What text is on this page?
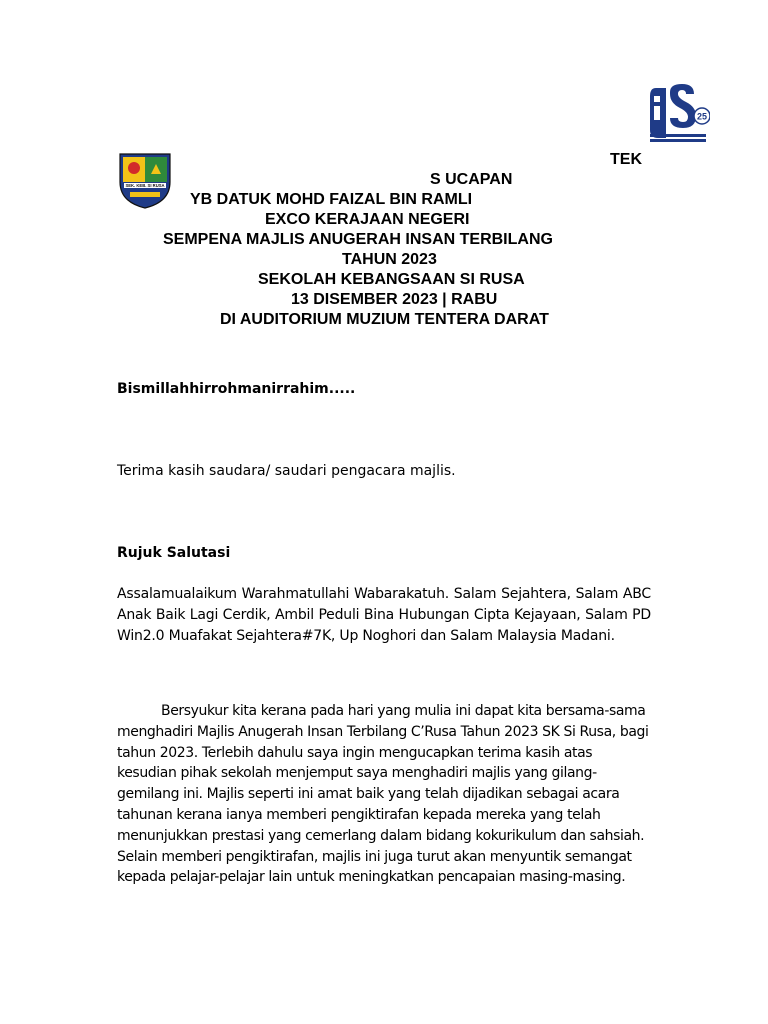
SEK. KEB. SI RUSA
25

TEK

S UCAPAN

YB DATUK MOHD FAIZAL BIN RAMLI

EXCO KERAJAAN NEGERI

SEMPENA MAJLIS ANUGERAH INSAN TERBILANG

TAHUN 2023

SEKOLAH KEBANGSAAN SI RUSA

13 DISEMBER 2023 | RABU

DI AUDITORIUM MUZIUM TENTERA DARAT

Bismillahhirrohmanirrahim.....

Terima kasih saudara/ saudari pengacara majlis.

Rujuk Salutasi

Assalamualaikum Warahmatullahi Wabarakatuh. Salam Sejahtera, Salam ABC Anak Baik Lagi Cerdik, Ambil Peduli Bina Hubungan Cipta Kejayaan, Salam PD Win2.0 Muafakat Sejahtera#7K, Up Noghori dan Salam Malaysia Madani.

Bersyukur kita kerana pada hari yang mulia ini dapat kita bersama-sama menghadiri Majlis Anugerah Insan Terbilang C’Rusa Tahun 2023 SK Si Rusa, bagi tahun 2023. Terlebih dahulu saya ingin mengucapkan terima kasih atas kesudian pihak sekolah menjemput saya menghadiri majlis yang gilang-gemilang ini. Majlis seperti ini amat baik yang telah dijadikan sebagai acara tahunan kerana ianya memberi pengiktirafan kepada mereka yang telah menunjukkan prestasi yang cemerlang dalam bidang kokurikulum dan sahsiah. Selain memberi pengiktirafan, majlis ini juga turut akan menyuntik semangat kepada pelajar-pelajar lain untuk meningkatkan pencapaian masing-masing.
